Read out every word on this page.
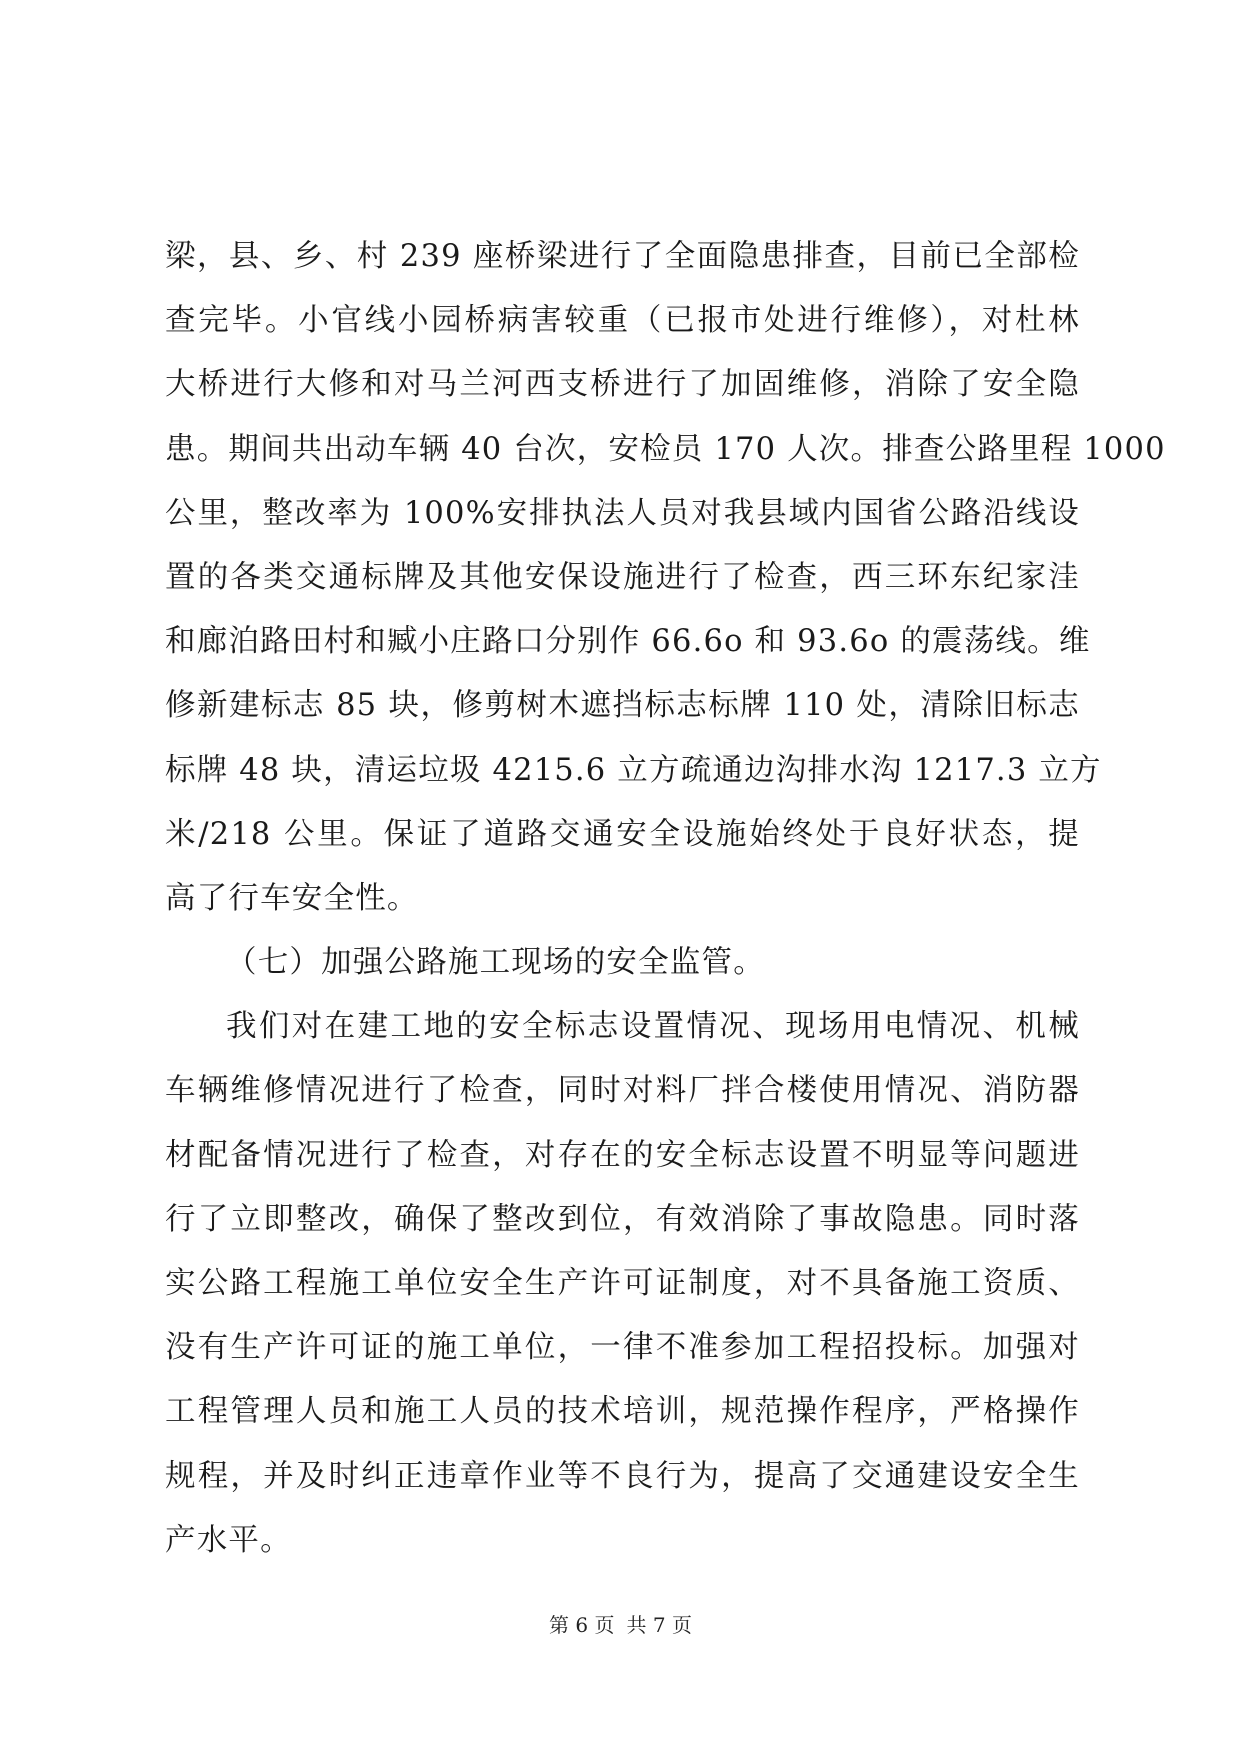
梁，县、乡、村 239 座桥梁进行了全面隐患排查，目前已全部检
查完毕。小官线小园桥病害较重（已报市处进行维修），对杜林
大桥进行大修和对马兰河西支桥进行了加固维修，消除了安全隐
患。期间共出动车辆 40 台次，安检员 170 人次。排查公路里程 1000
公里，整改率为 100%安排执法人员对我县域内国省公路沿线设
置的各类交通标牌及其他安保设施进行了检查，西三环东纪家洼
和廊泊路田村和臧小庄路口分别作 66.6o 和 93.6o 的震荡线。维
修新建标志 85 块，修剪树木遮挡标志标牌 110 处，清除旧标志
标牌 48 块，清运垃圾 4215.6 立方疏通边沟排水沟 1217.3 立方
米/218 公里。保证了道路交通安全设施始终处于良好状态，提
高了行车安全性。
（七）加强公路施工现场的安全监管。
我们对在建工地的安全标志设置情况、现场用电情况、机械
车辆维修情况进行了检查，同时对料厂拌合楼使用情况、消防器
材配备情况进行了检查，对存在的安全标志设置不明显等问题进
行了立即整改，确保了整改到位，有效消除了事故隐患。同时落
实公路工程施工单位安全生产许可证制度，对不具备施工资质、
没有生产许可证的施工单位，一律不准参加工程招投标。加强对
工程管理人员和施工人员的技术培训，规范操作程序，严格操作
规程，并及时纠正违章作业等不良行为，提高了交通建设安全生
产水平。
第 6 页 共 7 页
